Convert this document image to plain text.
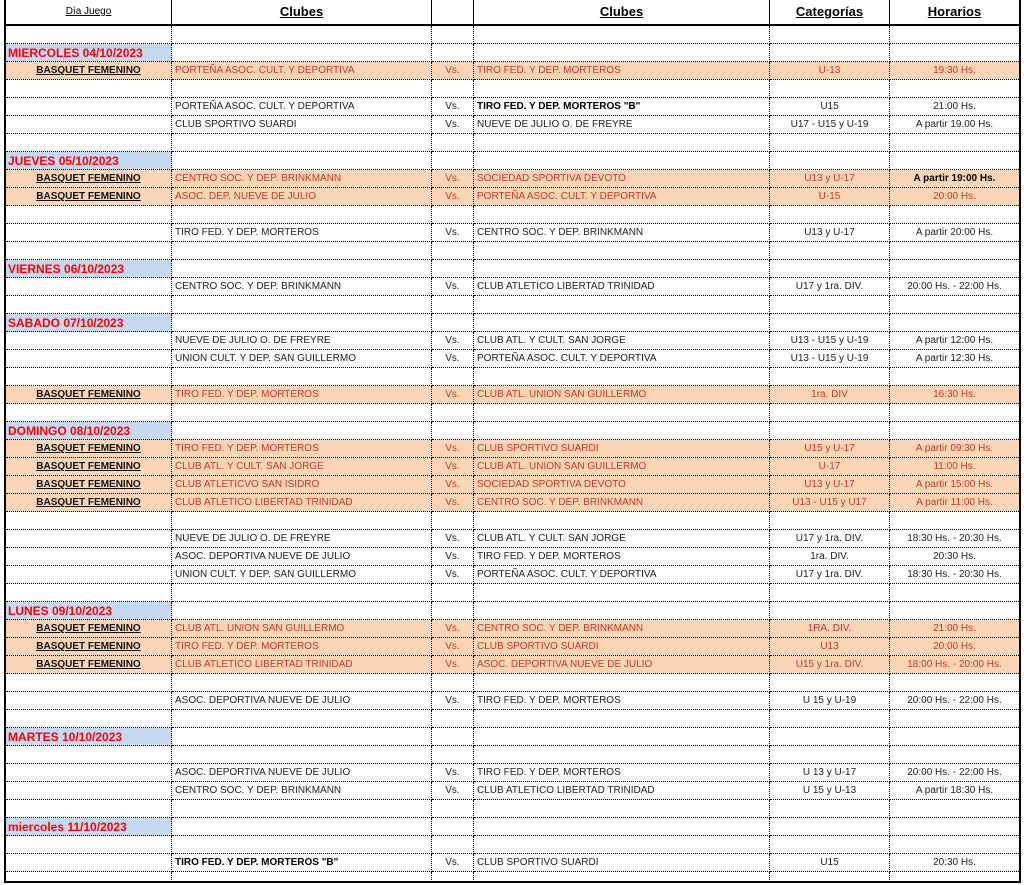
Día Juego	Clubes	Clubes	Categorías	Horarios
MIERCOLES 04/10/2023
BASQUET FEMENINO	PORTEÑA ASOC. CULT. Y DEPORTIVA	Vs.	TIRO FED. Y DEP. MORTEROS	U-13	19:30 Hs.
PORTEÑA ASOC. CULT. Y DEPORTIVA	Vs.	TIRO FED. Y DEP. MORTEROS "B"	U15	21:00 Hs.
CLUB SPORTIVO SUARDI	Vs.	NUEVE DE JULIO O. DE FREYRE	U17 - U15 y U-19	A partir 19.00 Hs.
JUEVES 05/10/2023
BASQUET FEMENINO	CENTRO SOC. Y DEP. BRINKMANN	Vs.	SOCIEDAD SPORTIVA DEVOTO	U13 y U-17	A partir 19:00 Hs.
BASQUET FEMENINO	ASOC. DEP. NUEVE DE JULIO	Vs.	PORTEÑA ASOC. CULT. Y DEPORTIVA	U-15	20:00 Hs.
TIRO FED. Y DEP. MORTEROS	Vs.	CENTRO SOC. Y DEP. BRINKMANN	U13 y U-17	A partir 20:00 Hs.
VIERNES 06/10/2023
CENTRO SOC. Y DEP. BRINKMANN	Vs.	CLUB ATLETICO LIBERTAD TRINIDAD	U17 y 1ra. DIV.	20:00 Hs. - 22:00 Hs.
SABADO 07/10/2023
NUEVE DE JULIO O. DE FREYRE	Vs.	CLUB ATL. Y CULT. SAN JORGE	U13 - U15 y U-19	A partir 12:00 Hs.
UNION CULT. Y DEP. SAN GUILLERMO	Vs.	PORTEÑA ASOC. CULT. Y DEPORTIVA	U13 - U15 y U-19	A partir 12:30 Hs.
BASQUET FEMENINO	TIRO FED. Y DEP. MORTEROS	Vs.	CLUB ATL. UNION SAN GUILLERMO	1ra. DIV	16:30 Hs.
DOMINGO 08/10/2023
BASQUET FEMENINO	TIRO FED. Y DEP. MORTEROS	Vs.	CLUB SPORTIVO SUARDI	U15 y U-17	A partir 09:30 Hs.
BASQUET FEMENINO	CLUB ATL. Y CULT. SAN JORGE	Vs.	CLUB ATL. UNION SAN GUILLERMO	U-17	11:00 Hs.
BASQUET FEMENINO	CLUB ATLETICVO SAN ISIDRO	Vs.	SOCIEDAD SPORTIVA DEVOTO	U13 y U-17	A partir 15:00 Hs.
BASQUET FEMENINO	CLUB ATLETICO LIBERTAD TRINIDAD	Vs.	CENTRO SOC. Y DEP. BRINKMANN	U13 - U15 y U17	A partir 11:00 Hs.
NUEVE DE JULIO O. DE FREYRE	Vs.	CLUB ATL. Y CULT. SAN JORGE	U17 y 1ra. DIV.	18:30 Hs. - 20:30 Hs.
ASOC. DEPORTIVA NUEVE DE JULIO	Vs.	TIRO FED. Y DEP. MORTEROS	1ra. DIV.	20:30 Hs.
UNION CULT. Y DEP. SAN GUILLERMO	Vs.	PORTEÑA ASOC. CULT. Y DEPORTIVA	U17 y 1ra. DIV.	18:30 Hs. - 20:30 Hs.
LUNES 09/10/2023
BASQUET FEMENINO	CLUB ATL. UNION SAN GUILLERMO	Vs.	CENTRO SOC. Y DEP. BRINKMANN	1RA. DIV.	21:00 Hs.
BASQUET FEMENINO	TIRO FED. Y DEP. MORTEROS	Vs.	CLUB SPORTIVO SUARDI	U13	20:00 Hs.
BASQUET FEMENINO	CLUB ATLETICO LIBERTAD TRINIDAD	Vs.	ASOC. DEPORTIVA NUEVE DE JULIO	U15 y 1ra. DIV.	18:00 Hs. - 20:00 Hs.
ASOC. DEPORTIVA NUEVE DE JULIO	Vs.	TIRO FED. Y DEP. MORTEROS	U 15 y U-19	20:00 Hs. - 22:00 Hs.
MARTES 10/10/2023
ASOC. DEPORTIVA NUEVE DE JULIO	Vs.	TIRO FED. Y DEP. MORTEROS	U 13 y U-17	20:00 Hs. - 22:00 Hs.
CENTRO SOC. Y DEP. BRINKMANN	Vs.	CLUB ATLETICO LIBERTAD TRINIDAD	U 15 y U-13	A partir 18:30 Hs.
miercoles 11/10/2023
TIRO FED. Y DEP. MORTEROS "B"	Vs.	CLUB SPORTIVO SUARDI	U15	20:30 Hs.
